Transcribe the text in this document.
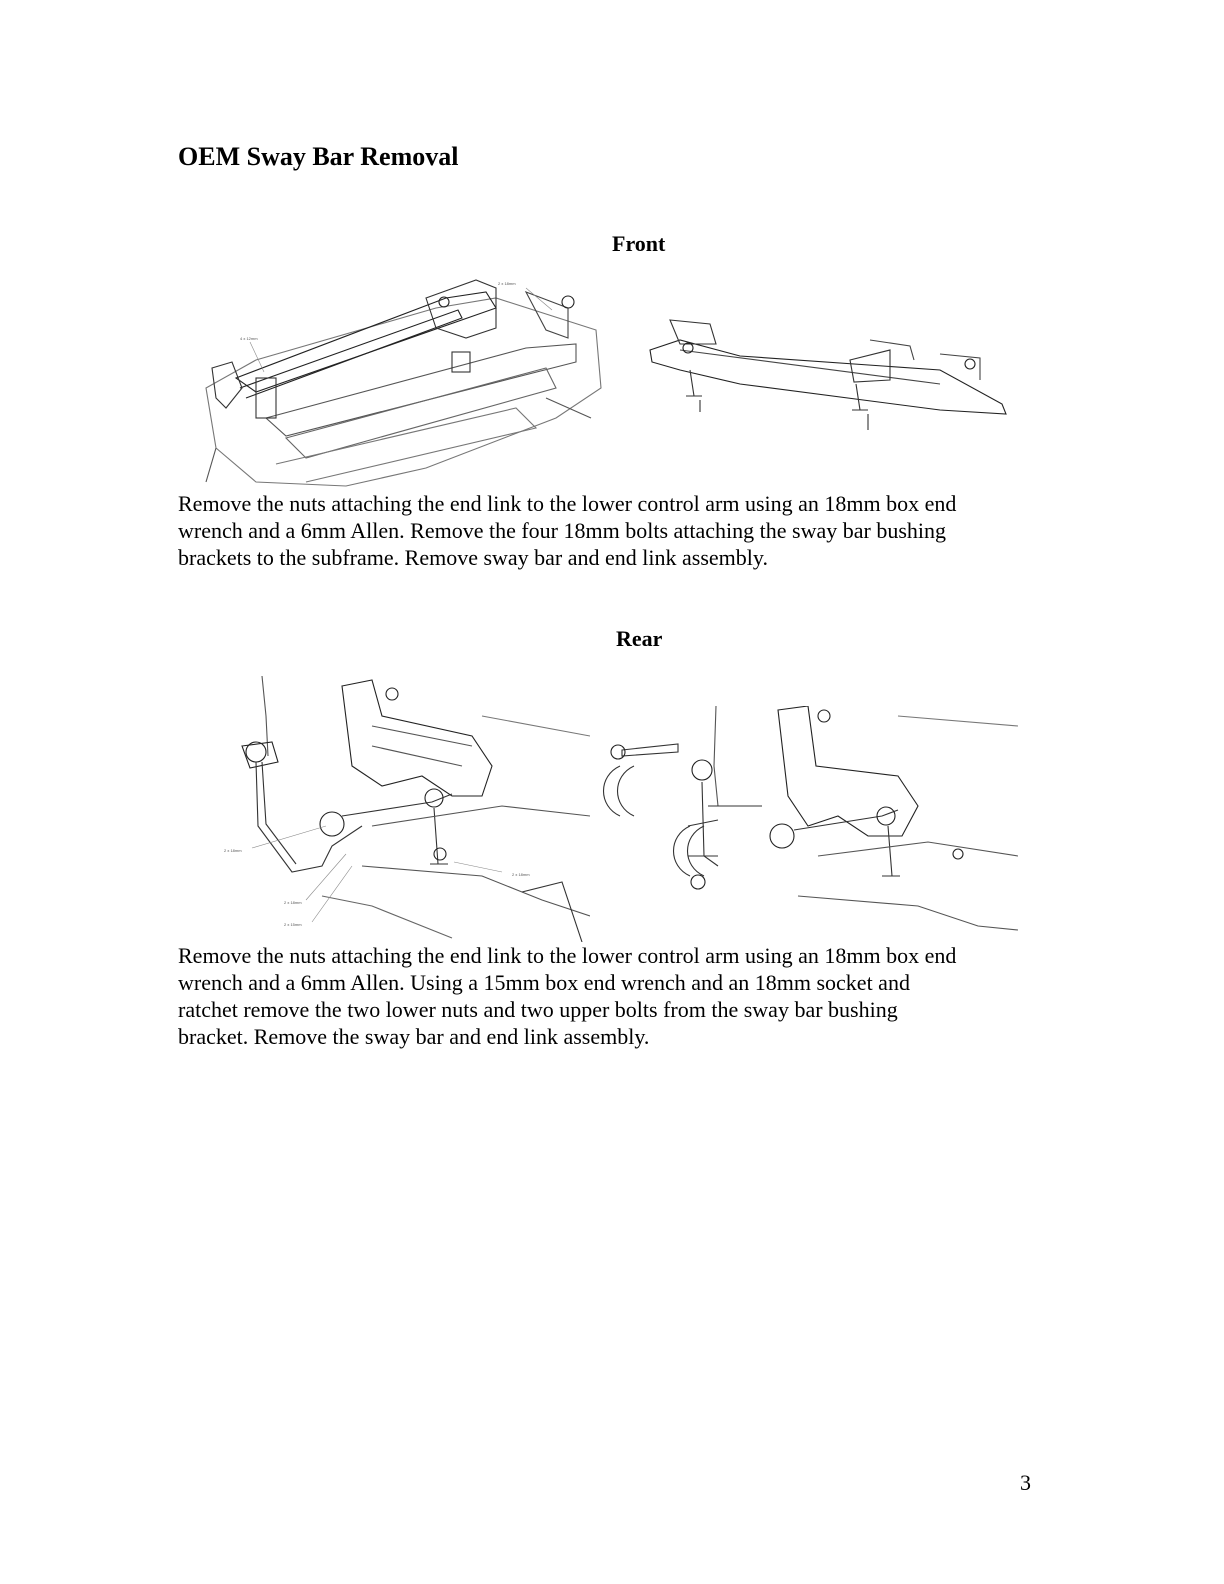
OEM Sway Bar Removal
Front
4 x 12mm
2 x 18mm
Remove the nuts attaching the end link to the lower control arm using an 18mm box end
wrench and a 6mm Allen. Remove the four 18mm bolts attaching the sway bar bushing
brackets to the subframe. Remove sway bar and end link assembly.
Rear
2 x 18mm
2 x 18mm
2 x 18mm
2 x 15mm
Remove the nuts attaching the end link to the lower control arm using an 18mm box end
wrench and a 6mm Allen. Using a 15mm box end wrench and an 18mm socket and
ratchet remove the two lower nuts and two upper bolts from the sway bar bushing
bracket. Remove the sway bar and end link assembly.
3
